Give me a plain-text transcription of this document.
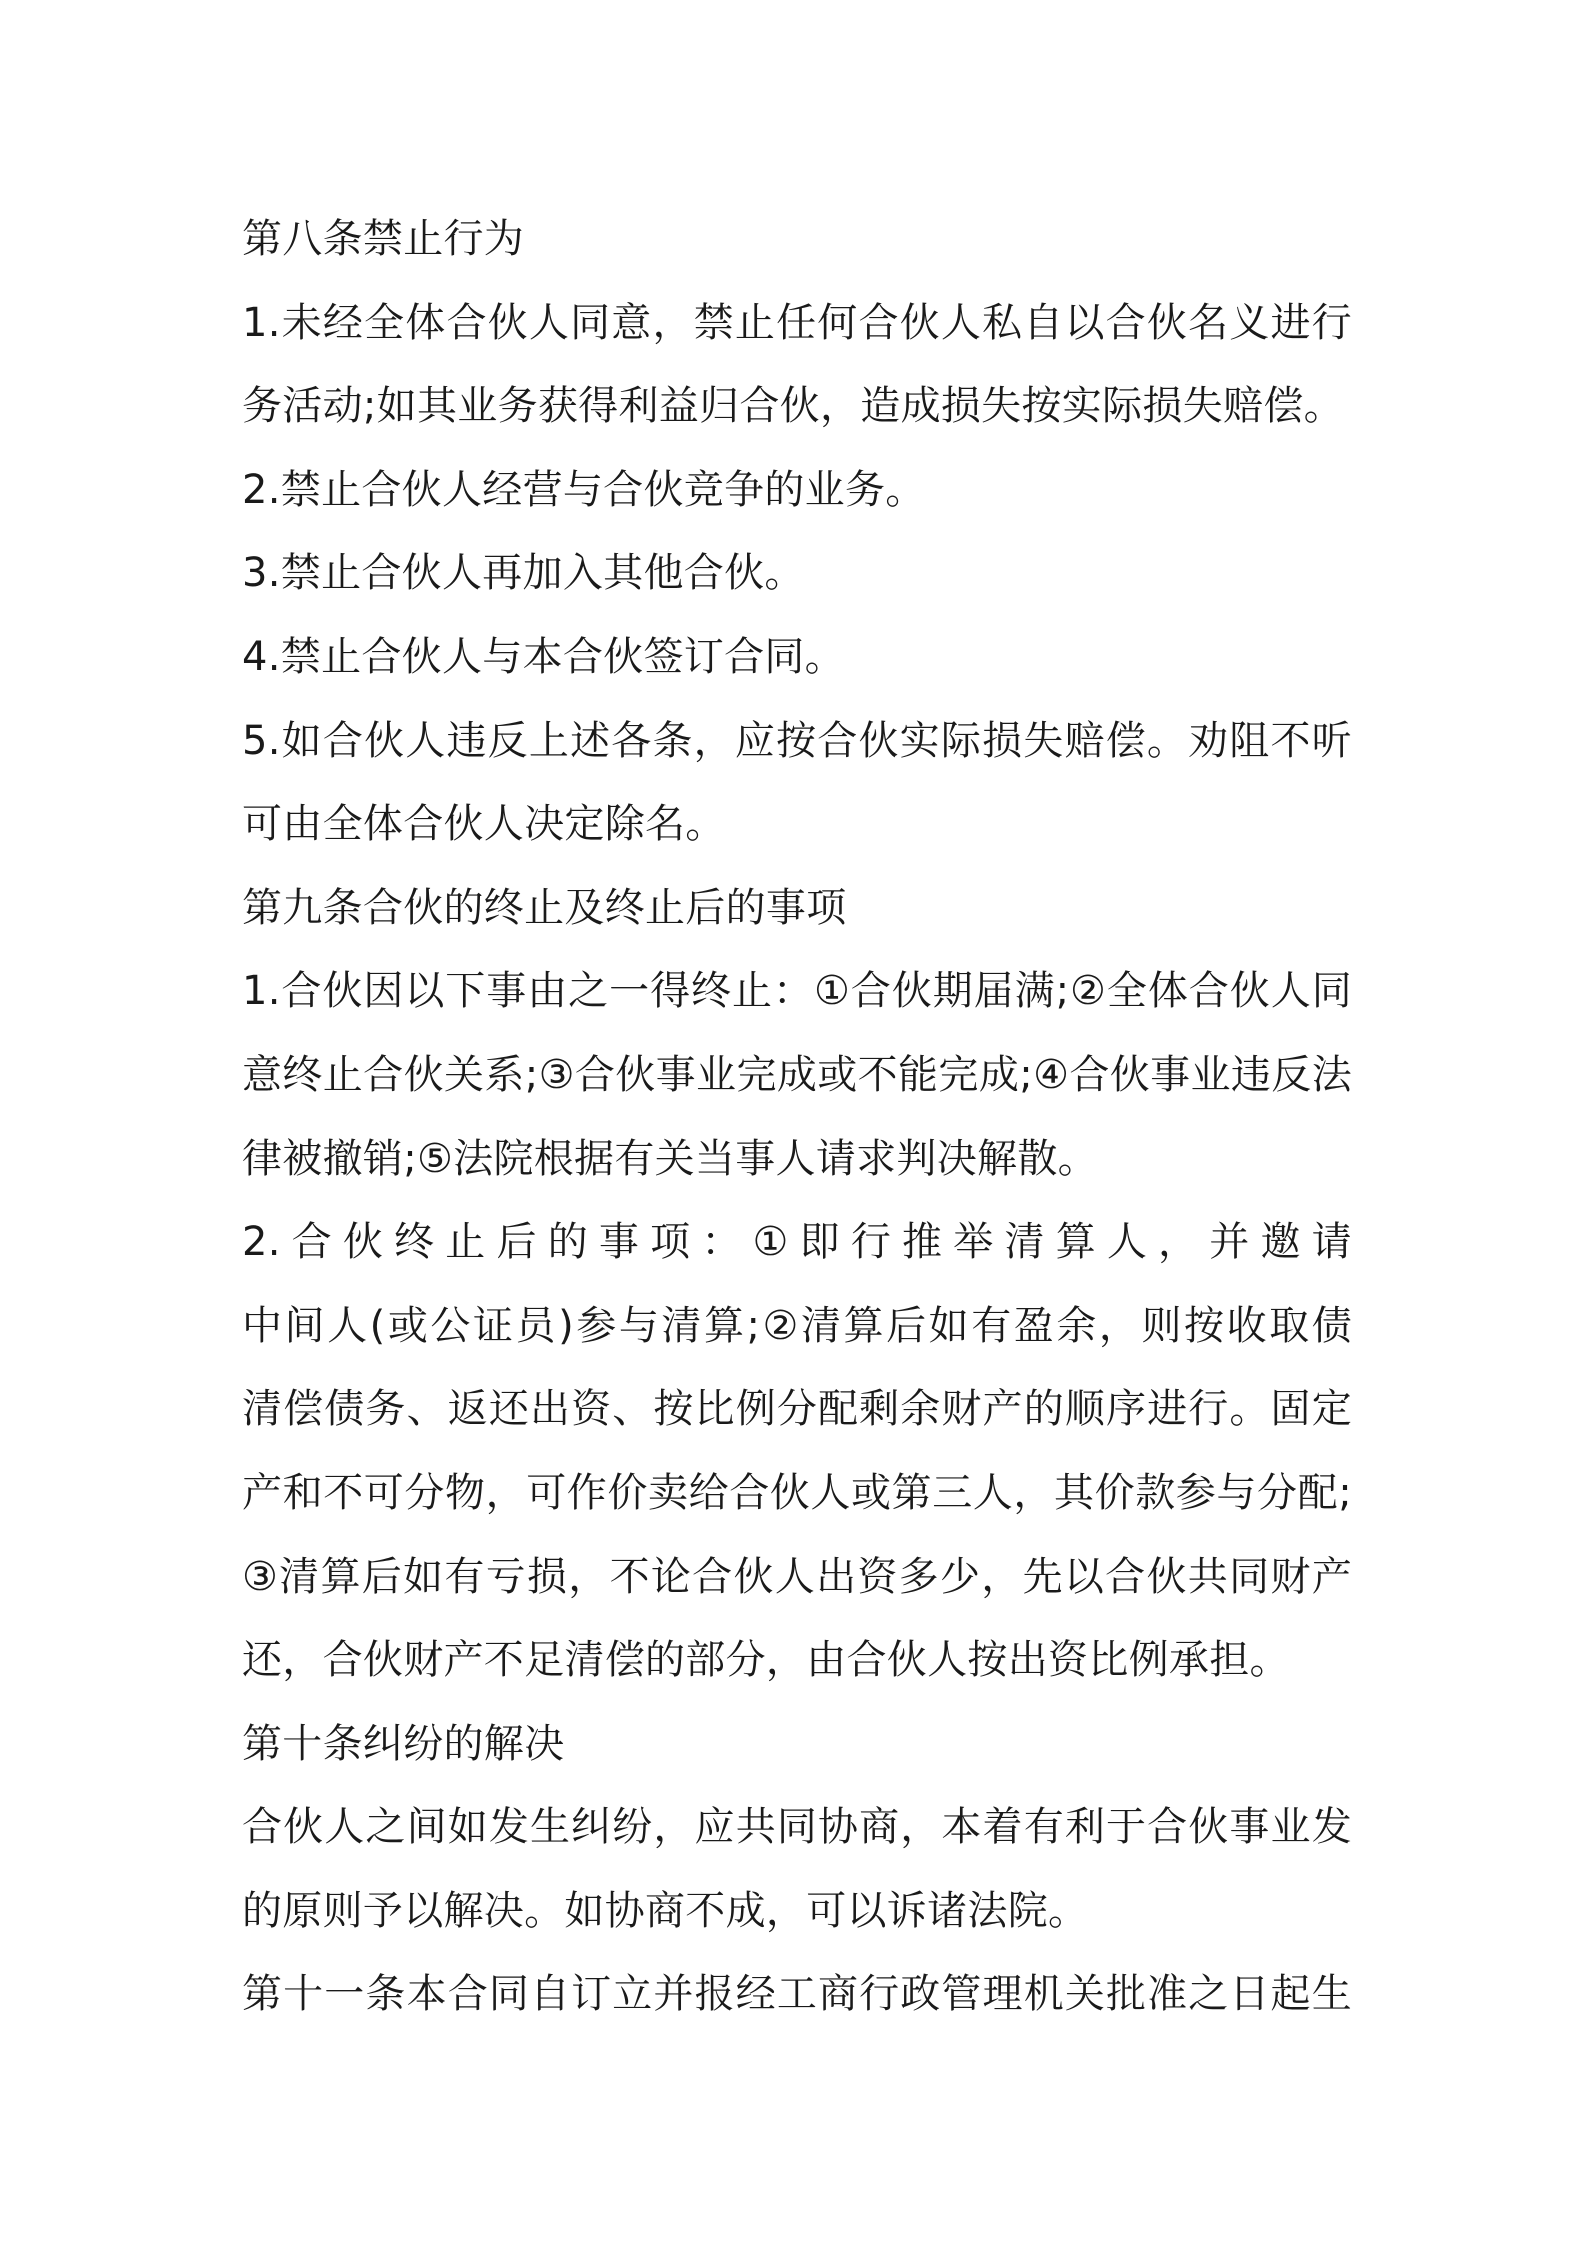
第八条禁止行为
1.未经全体合伙人同意，禁止任何合伙人私自以合伙名义进行
务活动;如其业务获得利益归合伙，造成损失按实际损失赔偿。
2.禁止合伙人经营与合伙竞争的业务。
3.禁止合伙人再加入其他合伙。
4.禁止合伙人与本合伙签订合同。
5.如合伙人违反上述各条，应按合伙实际损失赔偿。劝阻不听
可由全体合伙人决定除名。
第九条合伙的终止及终止后的事项
1.合伙因以下事由之一得终止：①合伙期届满;②全体合伙人同
意终止合伙关系;③合伙事业完成或不能完成;④合伙事业违反法
律被撤销;⑤法院根据有关当事人请求判决解散。
2.合伙终止后的事项：①即行推举清算人，并邀请
中间人(或公证员)参与清算;②清算后如有盈余，则按收取债
清偿债务、返还出资、按比例分配剩余财产的顺序进行。固定
产和不可分物，可作价卖给合伙人或第三人，其价款参与分配;
③清算后如有亏损，不论合伙人出资多少，先以合伙共同财产
还，合伙财产不足清偿的部分，由合伙人按出资比例承担。
第十条纠纷的解决
合伙人之间如发生纠纷，应共同协商，本着有利于合伙事业发
的原则予以解决。如协商不成，可以诉诸法院。
第十一条本合同自订立并报经工商行政管理机关批准之日起生
